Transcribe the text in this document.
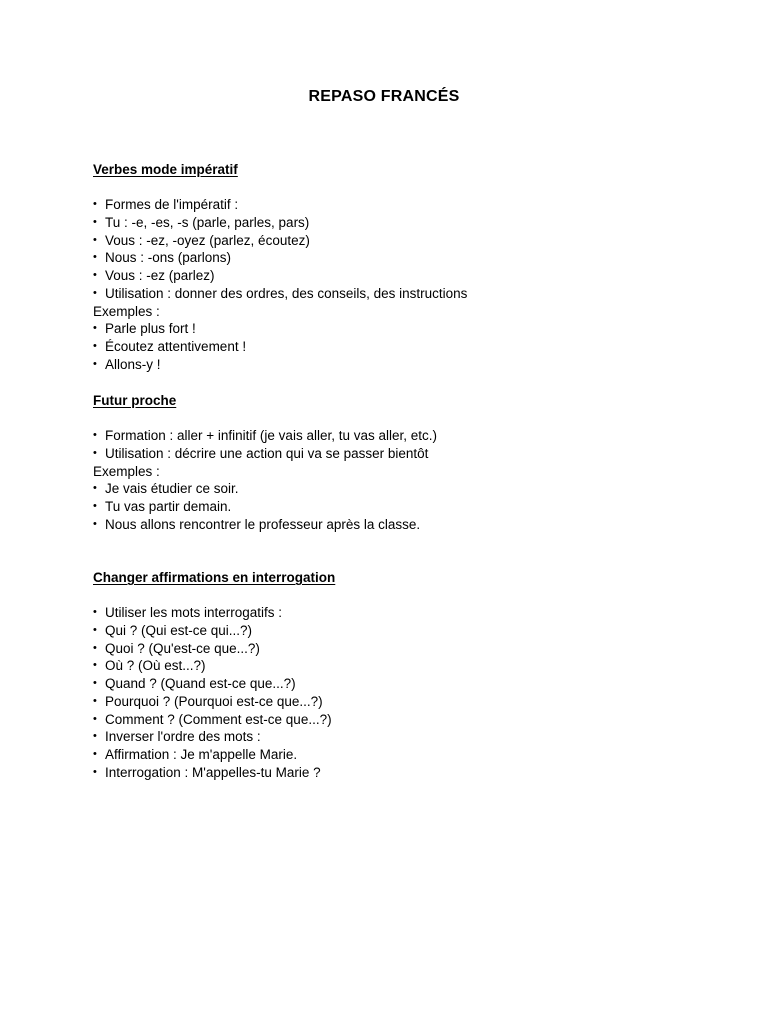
REPASO FRANCÉS
Verbes mode impératif
• Formes de l'impératif :
• Tu : -e, -es, -s (parle, parles, pars)
• Vous : -ez, -oyez (parlez, écoutez)
• Nous : -ons (parlons)
• Vous : -ez (parlez)
• Utilisation : donner des ordres, des conseils, des instructions
Exemples :
• Parle plus fort !
• Écoutez attentivement !
• Allons-y !
Futur proche
• Formation : aller + infinitif (je vais aller, tu vas aller, etc.)
• Utilisation : décrire une action qui va se passer bientôt
Exemples :
• Je vais étudier ce soir.
• Tu vas partir demain.
• Nous allons rencontrer le professeur après la classe.
Changer affirmations en interrogation
• Utiliser les mots interrogatifs :
• Qui ? (Qui est-ce qui...?)
• Quoi ? (Qu'est-ce que...?)
• Où ? (Où est...?)
• Quand ? (Quand est-ce que...?)
• Pourquoi ? (Pourquoi est-ce que...?)
• Comment ? (Comment est-ce que...?)
• Inverser l'ordre des mots :
• Affirmation : Je m'appelle Marie.
• Interrogation : M'appelles-tu Marie ?
